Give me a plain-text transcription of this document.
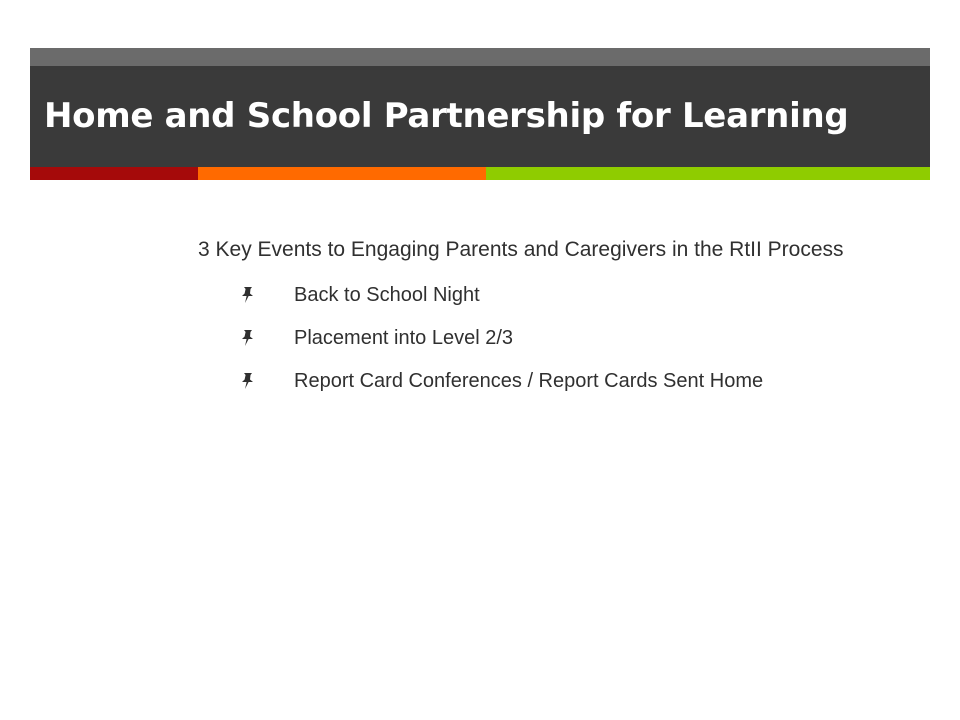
Home and School Partnership for Learning

3 Key Events to Engaging Parents and Caregivers in the RtII Process

Back to School Night
Placement into Level 2/3
Report Card Conferences / Report Cards Sent Home
